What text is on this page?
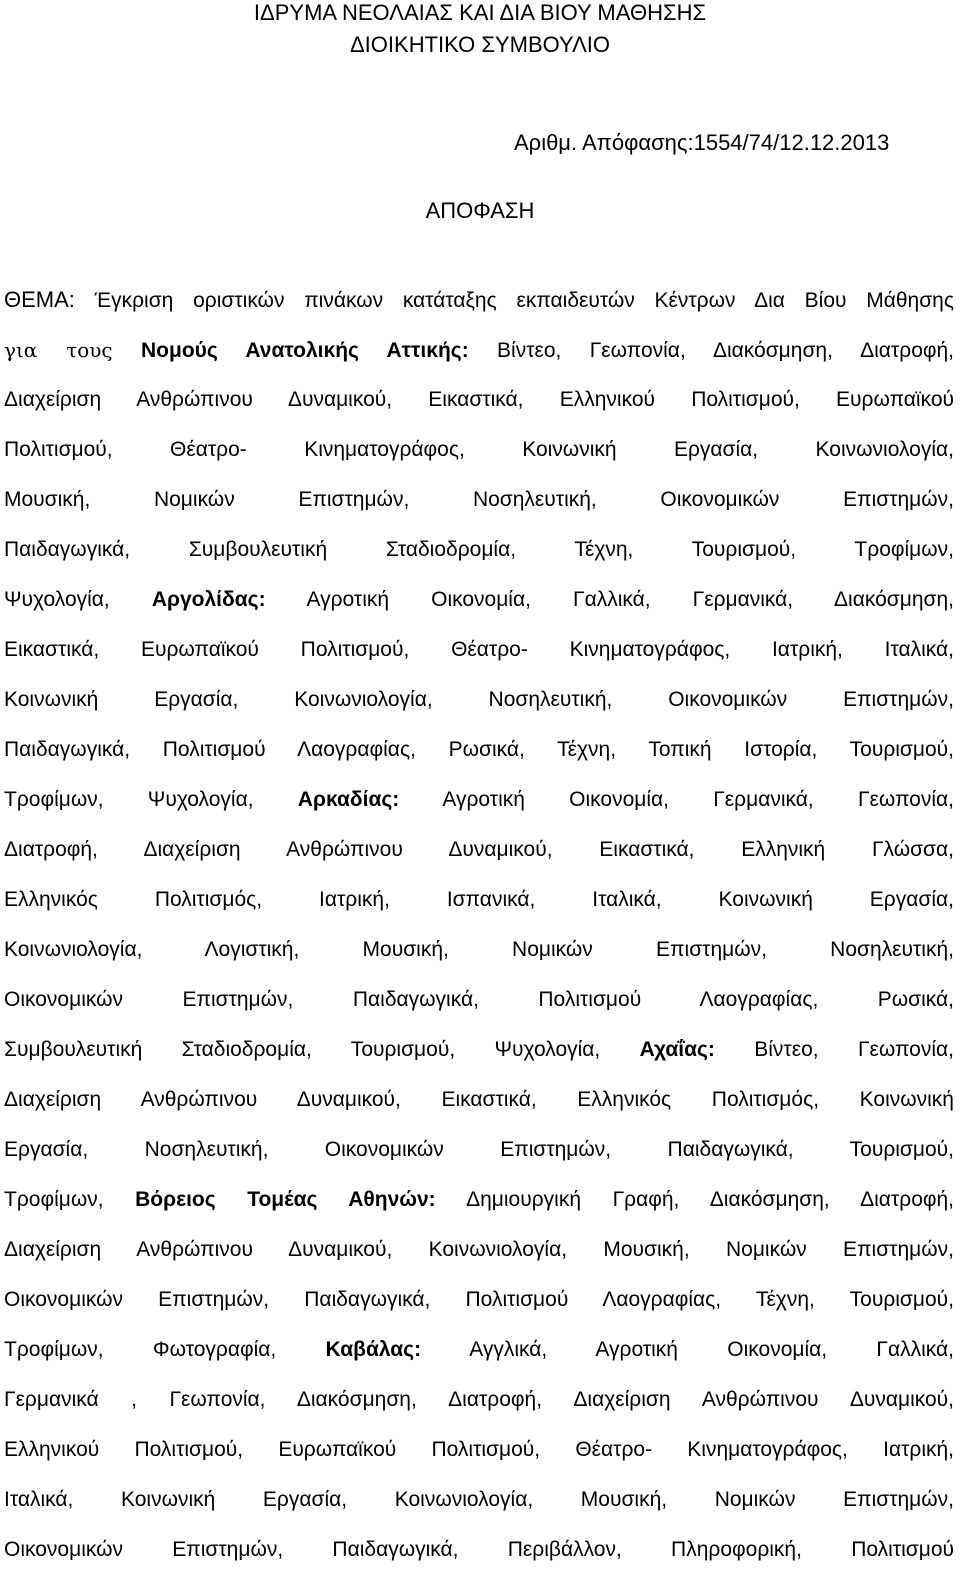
ΙΔΡΥΜΑ ΝΕΟΛΑΙΑΣ ΚΑΙ ΔΙΑ ΒΙΟΥ ΜΑΘΗΣΗΣ
ΔΙΟΙΚΗΤΙΚΟ ΣΥΜΒΟΥΛΙΟ
Αριθμ. Απόφασης:1554/74/12.12.2013
ΑΠΟΦΑΣΗ
ΘΕΜΑ: Έγκριση οριστικών πινάκων κατάταξης εκπαιδευτών Κέντρων Δια Βίου Μάθησης
για τους Νομούς Ανατολικής Αττικής: Βίντεο, Γεωπονία, Διακόσμηση, Διατροφή,
Διαχείριση Ανθρώπινου Δυναμικού, Εικαστικά, Ελληνικού Πολιτισμού, Ευρωπαϊκού
Πολιτισμού, Θέατρο- Κινηματογράφος, Κοινωνική Εργασία, Κοινωνιολογία,
Μουσική, Νομικών Επιστημών, Νοσηλευτική, Οικονομικών Επιστημών,
Παιδαγωγικά, Συμβουλευτική Σταδιοδρομία, Τέχνη, Τουρισμού, Τροφίμων,
Ψυχολογία, Αργολίδας: Αγροτική Οικονομία, Γαλλικά, Γερμανικά, Διακόσμηση,
Εικαστικά, Ευρωπαϊκού Πολιτισμού, Θέατρο- Κινηματογράφος, Ιατρική, Ιταλικά,
Κοινωνική Εργασία, Κοινωνιολογία, Νοσηλευτική, Οικονομικών Επιστημών,
Παιδαγωγικά, Πολιτισμού Λαογραφίας, Ρωσικά, Τέχνη, Τοπική Ιστορία, Τουρισμού,
Τροφίμων, Ψυχολογία, Αρκαδίας: Αγροτική Οικονομία, Γερμανικά, Γεωπονία,
Διατροφή, Διαχείριση Ανθρώπινου Δυναμικού, Εικαστικά, Ελληνική Γλώσσα,
Ελληνικός Πολιτισμός, Ιατρική, Ισπανικά, Ιταλικά, Κοινωνική Εργασία,
Κοινωνιολογία, Λογιστική, Μουσική, Νομικών Επιστημών, Νοσηλευτική,
Οικονομικών Επιστημών, Παιδαγωγικά, Πολιτισμού Λαογραφίας, Ρωσικά,
Συμβουλευτική Σταδιοδρομία, Τουρισμού, Ψυχολογία, Αχαΐας: Βίντεο, Γεωπονία,
Διαχείριση Ανθρώπινου Δυναμικού, Εικαστικά, Ελληνικός Πολιτισμός, Κοινωνική
Εργασία, Νοσηλευτική, Οικονομικών Επιστημών, Παιδαγωγικά, Τουρισμού,
Τροφίμων, Βόρειος Τομέας Αθηνών: Δημιουργική Γραφή, Διακόσμηση, Διατροφή,
Διαχείριση Ανθρώπινου Δυναμικού, Κοινωνιολογία, Μουσική, Νομικών Επιστημών,
Οικονομικών Επιστημών, Παιδαγωγικά, Πολιτισμού Λαογραφίας, Τέχνη, Τουρισμού,
Τροφίμων, Φωτογραφία, Καβάλας: Αγγλικά, Αγροτική Οικονομία, Γαλλικά,
Γερμανικά , Γεωπονία, Διακόσμηση, Διατροφή, Διαχείριση Ανθρώπινου Δυναμικού,
Ελληνικού Πολιτισμού, Ευρωπαϊκού Πολιτισμού, Θέατρο- Κινηματογράφος, Ιατρική,
Ιταλικά, Κοινωνική Εργασία, Κοινωνιολογία, Μουσική, Νομικών Επιστημών,
Οικονομικών Επιστημών, Παιδαγωγικά, Περιβάλλον, Πληροφορική, Πολιτισμού
